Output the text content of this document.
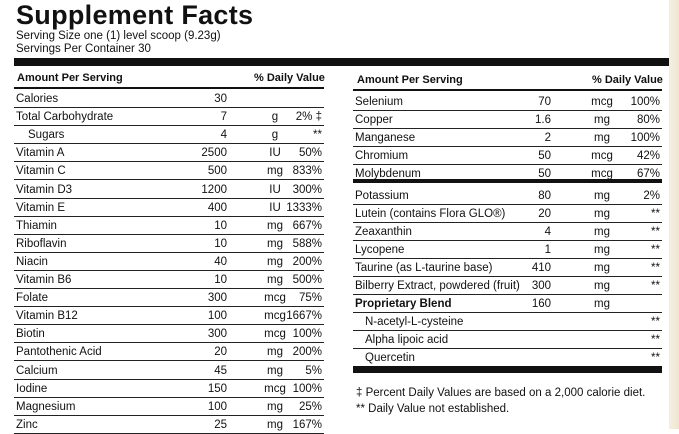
Supplement Facts
Serving Size one (1) level scoop (9.23g)
Servings Per Container 30
Amount Per Serving	% Daily Value	Amount Per Serving	% Daily Value
Calories	30
Total Carbohydrate	7	g	2% ‡
Sugars	4	g	**
Vitamin A	2500	IU	50%
Vitamin C	500	mg 833%
Vitamin D3	1200	IU	300%
Vitamin E	400	IU 1333%
Thiamin	10	mg 667%
Riboflavin	10	mg 588%
Niacin	40	mg 200%
Vitamin B6	10	mg 500%
Folate	300	mcg	75%
Vitamin B12	100	mcg 1667%
Biotin	300	mcg 100%
Pantothenic Acid	20	mg 200%
Calcium	45	mg	5%
Iodine	150	mcg 100%
Magnesium	100	mg	25%
Zinc	25	mg 167%
Selenium	70	mcg	100%
Copper	1.6	mg	80%
Manganese	2	mg	100%
Chromium	50	mcg	42%
Molybdenum	50	mcg	67%
Potassium	80	mg	2%
Lutein (contains Flora GLO®)	20	mg	**
Zeaxanthin	4	mg	**
Lycopene	1	mg	**
Taurine (as L-taurine base)	410	mg	**
Bilberry Extract, powdered (fruit)	300	mg	**
Proprietary Blend	160	mg
N-acetyl-L-cysteine	**
Alpha lipoic acid	**
Quercetin	**
‡ Percent Daily Values are based on a 2,000 calorie diet.
** Daily Value not established.
